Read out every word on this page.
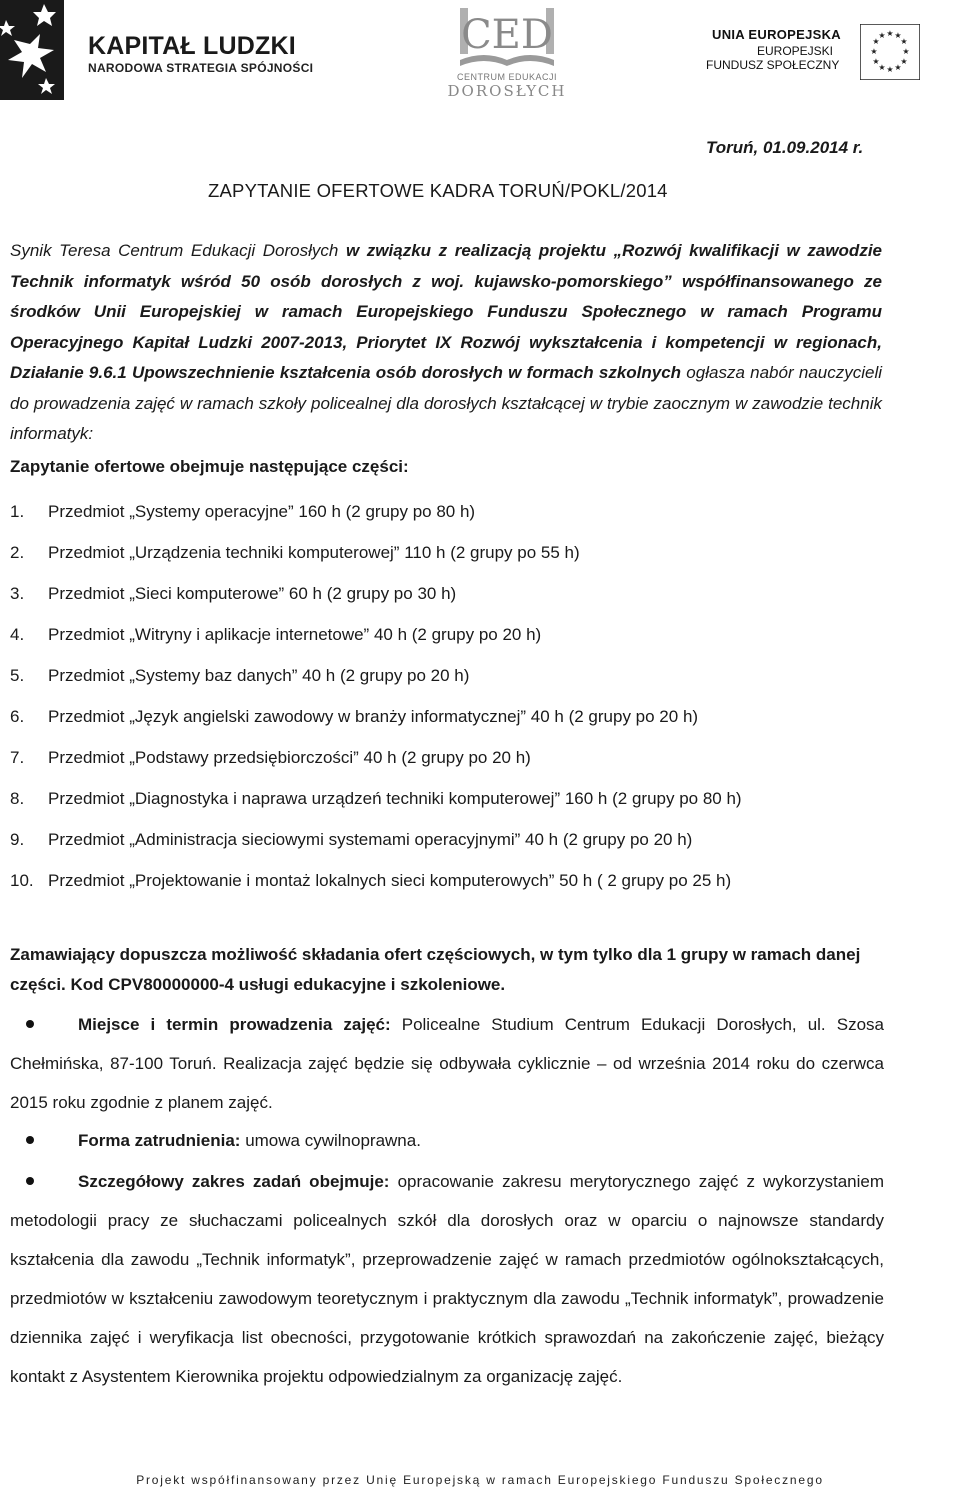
KAPITAŁ LUDZKI
NARODOWA STRATEGIA SPÓJNOŚCI
CED
CENTRUM EDUKACJI
DOROSŁYCH
UNIA EUROPEJSKA
EUROPEJSKI
FUNDUSZ SPOŁECZNY
★ ★
★
★
★
★
★
★
★
★
★
★
Toruń, 01.09.2014 r.
ZAPYTANIE OFERTOWE KADRA TORUŃ/POKL/2014
Synik Teresa Centrum Edukacji Dorosłych w związku z realizacją projektu „Rozwój kwalifikacji w zawodzie Technik informatyk wśród 50 osób dorosłych z woj. kujawsko-pomorskiego” współfinansowanego ze środków Unii Europejskiej w ramach Europejskiego Funduszu Społecznego w ramach Programu Operacyjnego Kapitał Ludzki 2007-2013, Priorytet IX Rozwój wykształcenia i kompetencji w regionach, Działanie 9.6.1 Upowszechnienie kształcenia osób dorosłych w formach szkolnych ogłasza nabór nauczycieli do prowadzenia zajęć w ramach szkoły policealnej dla dorosłych kształcącej w trybie zaocznym w zawodzie technik informatyk:
Zapytanie ofertowe obejmuje następujące części:
1.	Przedmiot „Systemy operacyjne” 160 h (2 grupy po 80 h)
2.	Przedmiot „Urządzenia techniki komputerowej” 110 h (2 grupy po 55 h)
3.	Przedmiot „Sieci komputerowe” 60 h (2 grupy po 30 h)
4.	Przedmiot „Witryny i aplikacje internetowe” 40 h (2 grupy po 20 h)
5.	Przedmiot „Systemy baz danych” 40 h (2 grupy po 20 h)
6.	Przedmiot „Język angielski zawodowy w branży informatycznej” 40 h (2 grupy po 20 h)
7.	Przedmiot „Podstawy przedsiębiorczości” 40 h (2 grupy po 20 h)
8.	Przedmiot „Diagnostyka i naprawa urządzeń techniki komputerowej” 160 h (2 grupy po 80 h)
9.	Przedmiot „Administracja sieciowymi systemami operacyjnymi” 40 h (2 grupy po 20 h)
10. Przedmiot „Projektowanie i montaż lokalnych sieci komputerowych” 50 h ( 2 grupy po 25 h)
Zamawiający dopuszcza możliwość składania ofert częściowych, w tym tylko dla 1 grupy w ramach danej części. Kod CPV80000000-4 usługi edukacyjne i szkoleniowe.
Miejsce i termin prowadzenia zajęć: Policealne Studium Centrum Edukacji Dorosłych, ul. Szosa Chełmińska, 87-100 Toruń. Realizacja zajęć będzie się odbywała cyklicznie – od września 2014 roku do czerwca 2015 roku zgodnie z planem zajęć.
Forma zatrudnienia: umowa cywilnoprawna.
Szczegółowy zakres zadań obejmuje: opracowanie zakresu merytorycznego zajęć z wykorzystaniem metodologii pracy ze słuchaczami policealnych szkół dla dorosłych oraz w oparciu o najnowsze standardy kształcenia dla zawodu „Technik informatyk”, przeprowadzenie zajęć w ramach przedmiotów ogólnokształcących, przedmiotów w kształceniu zawodowym teoretycznym i praktycznym dla zawodu „Technik informatyk”, prowadzenie dziennika zajęć i weryfikacja list obecności, przygotowanie krótkich sprawozdań na zakończenie zajęć, bieżący kontakt z Asystentem Kierownika projektu odpowiedzialnym za organizację zajęć.
Projekt współfinansowany przez Unię Europejską w ramach Europejskiego Funduszu Społecznego
